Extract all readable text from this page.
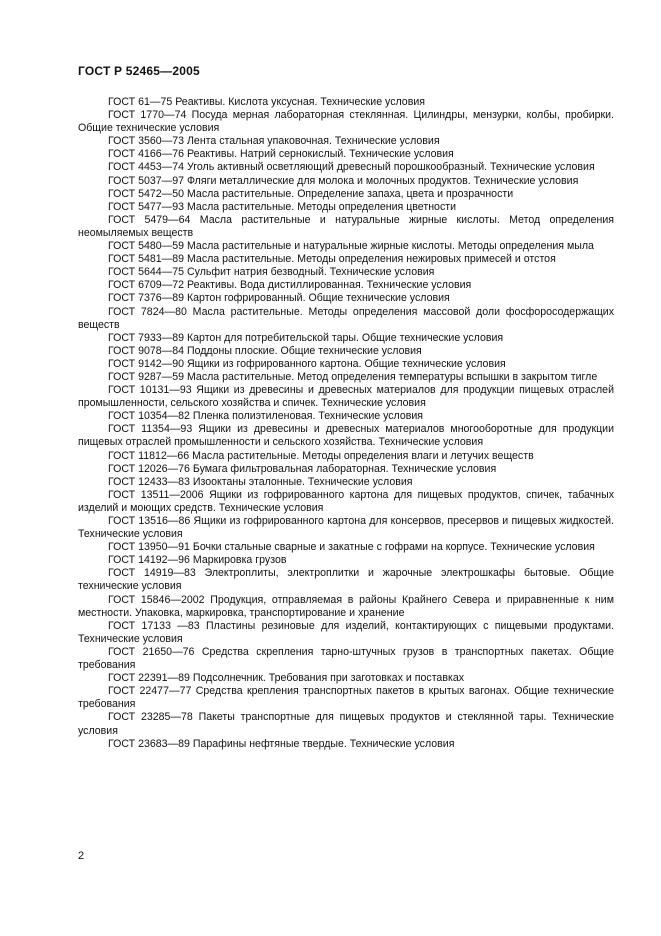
ГОСТ Р 52465—2005

ГОСТ 61—75 Реактивы. Кислота уксусная. Технические условия

ГОСТ 1770—74 Посуда мерная лабораторная стеклянная. Цилиндры, мензурки, колбы, пробирки. Общие технические условия

ГОСТ 3560—73 Лента стальная упаковочная. Технические условия

ГОСТ 4166—76 Реактивы. Натрий сернокислый. Технические условия

ГОСТ 4453—74 Уголь активный осветляющий древесный порошкообразный. Технические условия

ГОСТ 5037—97 Фляги металлические для молока и молочных продуктов. Технические условия

ГОСТ 5472—50 Масла растительные. Определение запаха, цвета и прозрачности

ГОСТ 5477—93 Масла растительные. Методы определения цветности

ГОСТ 5479—64 Масла растительные и натуральные жирные кислоты. Метод определения неомыляемых веществ

ГОСТ 5480—59 Масла растительные и натуральные жирные кислоты. Методы определения мыла

ГОСТ 5481—89 Масла растительные. Методы определения нежировых примесей и отстоя

ГОСТ 5644—75 Сульфит натрия безводный. Технические условия

ГОСТ 6709—72 Реактивы. Вода дистиллированная. Технические условия

ГОСТ 7376—89 Картон гофрированный. Общие технические условия

ГОСТ 7824—80 Масла растительные. Методы определения массовой доли фосфоросодержащих веществ

ГОСТ 7933—89 Картон для потребительской тары. Общие технические условия

ГОСТ 9078—84 Поддоны плоские. Общие технические условия

ГОСТ 9142—90 Ящики из гофрированного картона. Общие технические условия

ГОСТ 9287—59 Масла растительные. Метод определения температуры вспышки в закрытом тигле

ГОСТ 10131—93 Ящики из древесины и древесных материалов для продукции пищевых отраслей промышленности, сельского хозяйства и спичек. Технические условия

ГОСТ 10354—82 Пленка полиэтиленовая. Технические условия

ГОСТ 11354—93 Ящики из древесины и древесных материалов многооборотные для продукции пищевых отраслей промышленности и сельского хозяйства. Технические условия

ГОСТ 11812—66 Масла растительные. Методы определения влаги и летучих веществ

ГОСТ 12026—76 Бумага фильтровальная лабораторная. Технические условия

ГОСТ 12433—83 Изооктаны эталонные. Технические условия

ГОСТ 13511—2006 Ящики из гофрированного картона для пищевых продуктов, спичек, табачных изделий и моющих средств. Технические условия

ГОСТ 13516—86 Ящики из гофрированного картона для консервов, пресервов и пищевых жидкостей. Технические условия

ГОСТ 13950—91 Бочки стальные сварные и закатные с гофрами на корпусе. Технические условия

ГОСТ 14192—96 Маркировка грузов

ГОСТ 14919—83 Электроплиты, электроплитки и жарочные электрошкафы бытовые. Общие технические условия

ГОСТ 15846—2002 Продукция, отправляемая в районы Крайнего Севера и приравненные к ним местности. Упаковка, маркировка, транспортирование и хранение

ГОСТ 17133 —83 Пластины резиновые для изделий, контактирующих с пищевыми продуктами. Технические условия

ГОСТ 21650—76 Средства скрепления тарно-штучных грузов в транспортных пакетах. Общие требования

ГОСТ 22391—89 Подсолнечник. Требования при заготовках и поставках

ГОСТ 22477—77 Средства крепления транспортных пакетов в крытых вагонах. Общие технические требования

ГОСТ 23285—78 Пакеты транспортные для пищевых продуктов и стеклянной тары. Технические условия

ГОСТ 23683—89 Парафины нефтяные твердые. Технические условия

2
